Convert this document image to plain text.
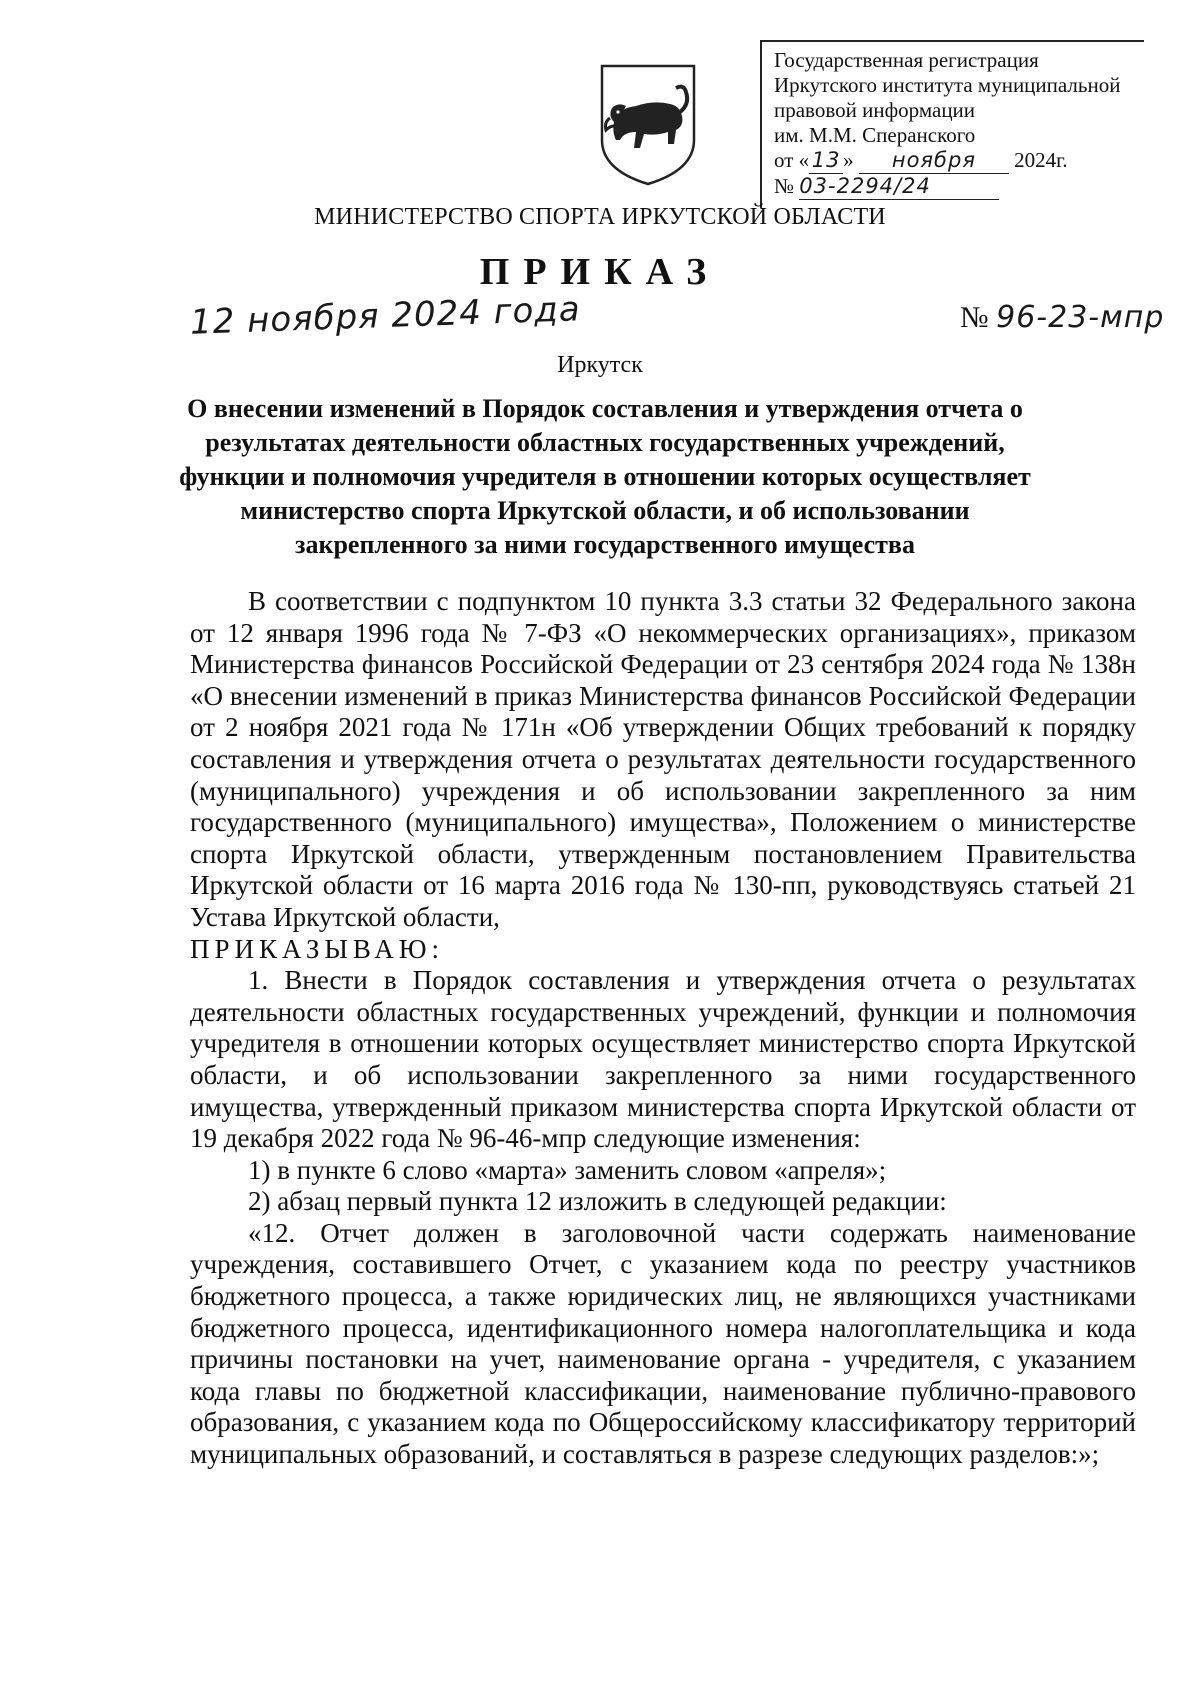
Государственная регистрация
Иркутского института муниципальной
правовой информации
им. М.М. Сперанского
от « 13 » ноября 2024г.
№ 03-2294/24
МИНИСТЕРСТВО СПОРТА ИРКУТСКОЙ ОБЛАСТИ
ПРИКАЗ
12 ноября 2024 года	№ 96-23-мпр
Иркутск
О внесении изменений в Порядок составления и утверждения отчета о результатах деятельности областных государственных учреждений, функции и полномочия учредителя в отношении которых осуществляет министерство спорта Иркутской области, и об использовании закрепленного за ними государственного имущества

В соответствии с подпунктом 10 пункта 3.3 статьи 32 Федерального закона от 12 января 1996 года № 7-ФЗ «О некоммерческих организациях», приказом Министерства финансов Российской Федерации от 23 сентября 2024 года № 138н «О внесении изменений в приказ Министерства финансов Российской Федерации от 2 ноября 2021 года № 171н «Об утверждении Общих требований к порядку составления и утверждения отчета о результатах деятельности государственного (муниципального) учреждения и об использовании закрепленного за ним государственного (муниципального) имущества», Положением о министерстве спорта Иркутской области, утвержденным постановлением Правительства Иркутской области от 16 марта 2016 года № 130-пп, руководствуясь статьей 21 Устава Иркутской области,

ПРИКАЗЫВАЮ:

1. Внести в Порядок составления и утверждения отчета о результатах деятельности областных государственных учреждений, функции и полномочия учредителя в отношении которых осуществляет министерство спорта Иркутской области, и об использовании закрепленного за ними государственного имущества, утвержденный приказом министерства спорта Иркутской области от 19 декабря 2022 года № 96-46-мпр следующие изменения:

1) в пункте 6 слово «марта» заменить словом «апреля»;

2) абзац первый пункта 12 изложить в следующей редакции:

«12. Отчет должен в заголовочной части содержать наименование учреждения, составившего Отчет, с указанием кода по реестру участников бюджетного процесса, а также юридических лиц, не являющихся участниками бюджетного процесса, идентификационного номера налогоплательщика и кода причины постановки на учет, наименование органа - учредителя, с указанием кода главы по бюджетной классификации, наименование публично-правового образования, с указанием кода по Общероссийскому классификатору территорий муниципальных образований, и составляться в разрезе следующих разделов:»;
